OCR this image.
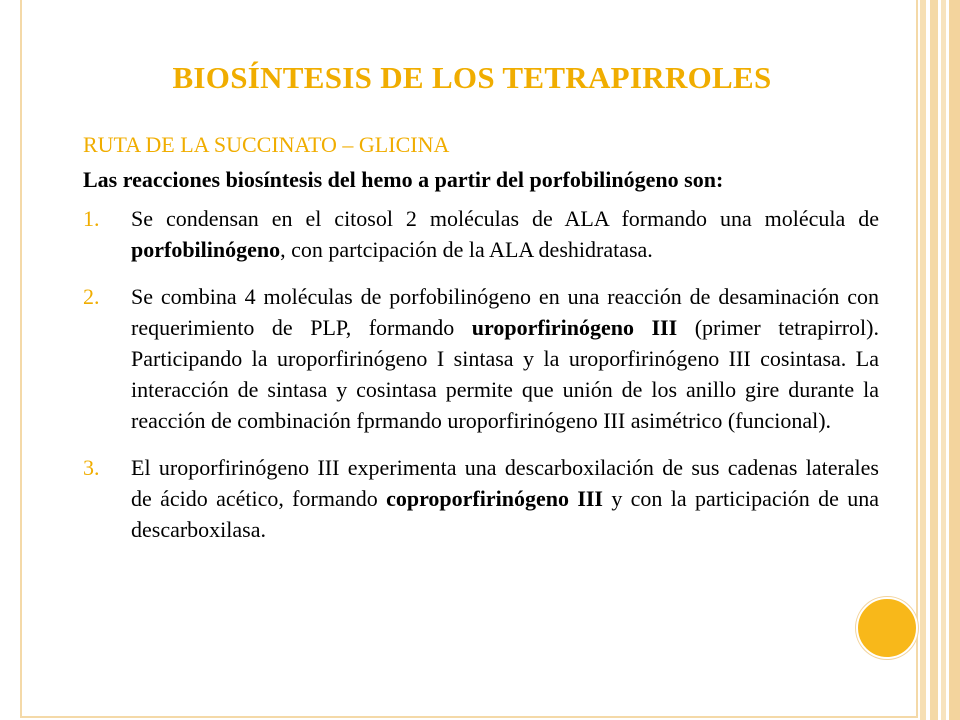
BIOSÍNTESIS DE LOS TETRAPIRROLES
RUTA DE LA SUCCINATO – GLICINA
Las reacciones biosíntesis del hemo a partir del porfobilinógeno son:
1.	Se condensan en el citosol 2 moléculas de ALA formando una molécula de porfobilinógeno, con partcipación de la ALA deshidratasa.
2.	Se combina 4 moléculas de porfobilinógeno en una reacción de desaminación con requerimiento de PLP, formando uroporfirinógeno III (primer tetrapirrol). Participando la uroporfirinógeno I sintasa y la uroporfirinógeno III cosintasa. La interacción de sintasa y cosintasa permite que unión de los anillo gire durante la reacción de combinación fprmando uroporfirinógeno III asimétrico (funcional).
3.	El uroporfirinógeno III experimenta una descarboxilación de sus cadenas laterales de ácido acético, formando coproporfirinógeno III y con la participación de una descarboxilasa.
